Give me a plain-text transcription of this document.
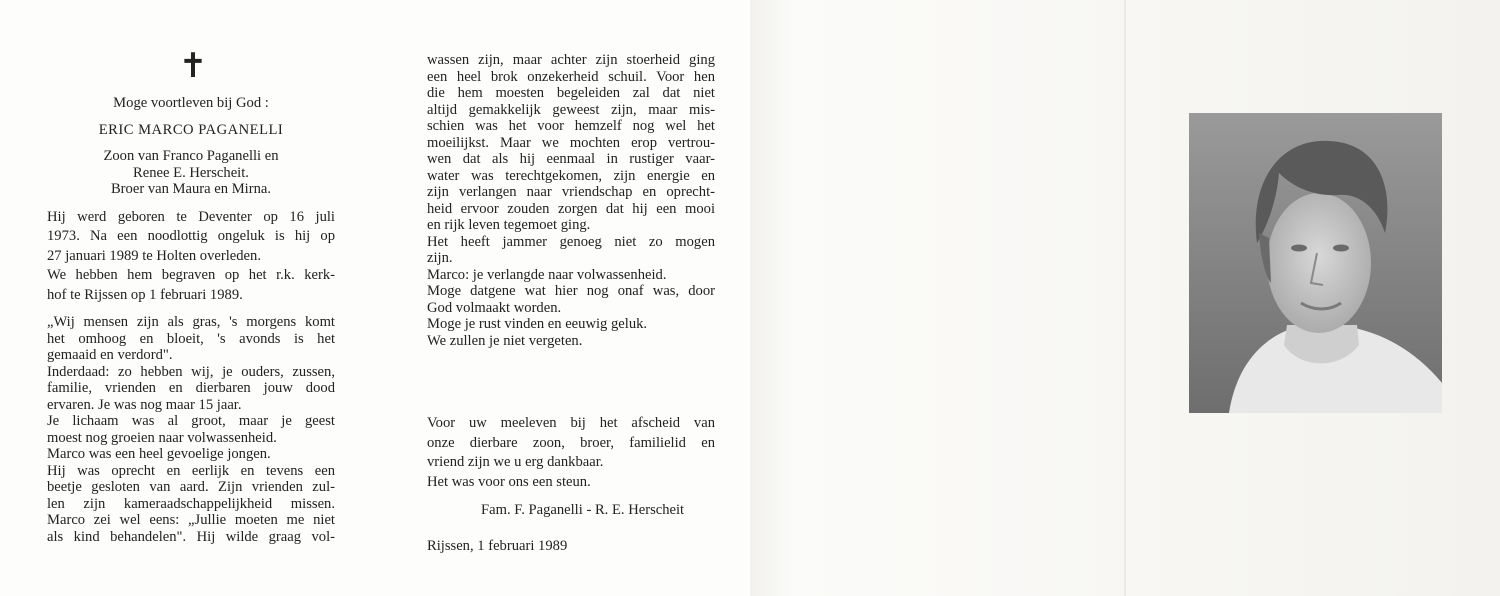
✝

Moge voortleven bij God :

ERIC MARCO PAGANELLI

Zoon van Franco Paganelli en

Renee E. Herscheit.

Broer van Maura en Mirna.

Hij werd geboren te Deventer op 16 juli

1973. Na een noodlottig ongeluk is hij op

27 januari 1989 te Holten overleden.

We hebben hem begraven op het r.k. kerk-

hof te Rijssen op 1 februari 1989.

„Wij mensen zijn als gras, 's morgens komt

het omhoog en bloeit, 's avonds is het

gemaaid en verdord".

Inderdaad: zo hebben wij, je ouders, zussen,

familie, vrienden en dierbaren jouw dood

ervaren. Je was nog maar 15 jaar.

Je lichaam was al groot, maar je geest

moest nog groeien naar volwassenheid.

Marco was een heel gevoelige jongen.

Hij was oprecht en eerlijk en tevens een

beetje gesloten van aard. Zijn vrienden zul-

len zijn kameraadschappelijkheid missen.

Marco zei wel eens: „Jullie moeten me niet

als kind behandelen". Hij wilde graag vol-

wassen zijn, maar achter zijn stoerheid ging

een heel brok onzekerheid schuil. Voor hen

die hem moesten begeleiden zal dat niet

altijd gemakkelijk geweest zijn, maar mis-

schien was het voor hemzelf nog wel het

moeilijkst. Maar we mochten erop vertrou-

wen dat als hij eenmaal in rustiger vaar-

water was terechtgekomen, zijn energie en

zijn verlangen naar vriendschap en oprecht-

heid ervoor zouden zorgen dat hij een mooi

en rijk leven tegemoet ging.

Het heeft jammer genoeg niet zo mogen

zijn.

Marco: je verlangde naar volwassenheid.

Moge datgene wat hier nog onaf was, door

God volmaakt worden.

Moge je rust vinden en eeuwig geluk.

We zullen je niet vergeten.

Voor uw meeleven bij het afscheid van

onze dierbare zoon, broer, familielid en

vriend zijn we u erg dankbaar.

Het was voor ons een steun.

Fam. F. Paganelli - R. E. Herscheit

Rijssen, 1 februari 1989
